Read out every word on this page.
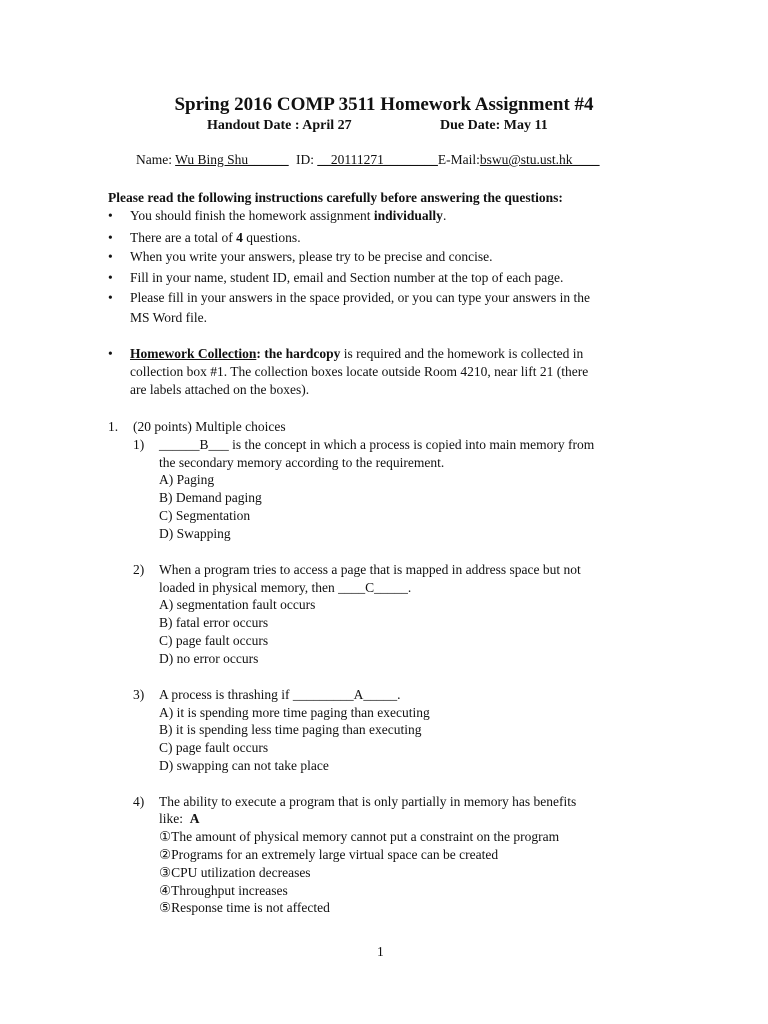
Spring 2016 COMP 3511 Homework Assignment #4
Handout Date : April 27	Due Date: May 11
Name: Wu Bing Shu______ ID: __20111271________E-Mail:bswu@stu.ust.hk____
Please read the following instructions carefully before answering the questions:
• You should finish the homework assignment individually.
• There are a total of 4 questions.
• When you write your answers, please try to be precise and concise.
• Fill in your name, student ID, email and Section number at the top of each page.
• Please fill in your answers in the space provided, or you can type your answers in the
MS Word file.
• Homework Collection: the hardcopy is required and the homework is collected in
collection box #1. The collection boxes locate outside Room 4210, near lift 21 (there
are labels attached on the boxes).
1. (20 points) Multiple choices
1) ______B___ is the concept in which a process is copied into main memory from
the secondary memory according to the requirement.
A) Paging
B) Demand paging
C) Segmentation
D) Swapping
2) When a program tries to access a page that is mapped in address space but not
loaded in physical memory, then ____C_____.
A) segmentation fault occurs
B) fatal error occurs
C) page fault occurs
D) no error occurs
3) A process is thrashing if _________A_____.
A) it is spending more time paging than executing
B) it is spending less time paging than executing
C) page fault occurs
D) swapping can not take place
4) The ability to execute a program that is only partially in memory has benefits
like:  A
①The amount of physical memory cannot put a constraint on the program
②Programs for an extremely large virtual space can be created
③CPU utilization decreases
④Throughput increases
⑤Response time is not affected
1
